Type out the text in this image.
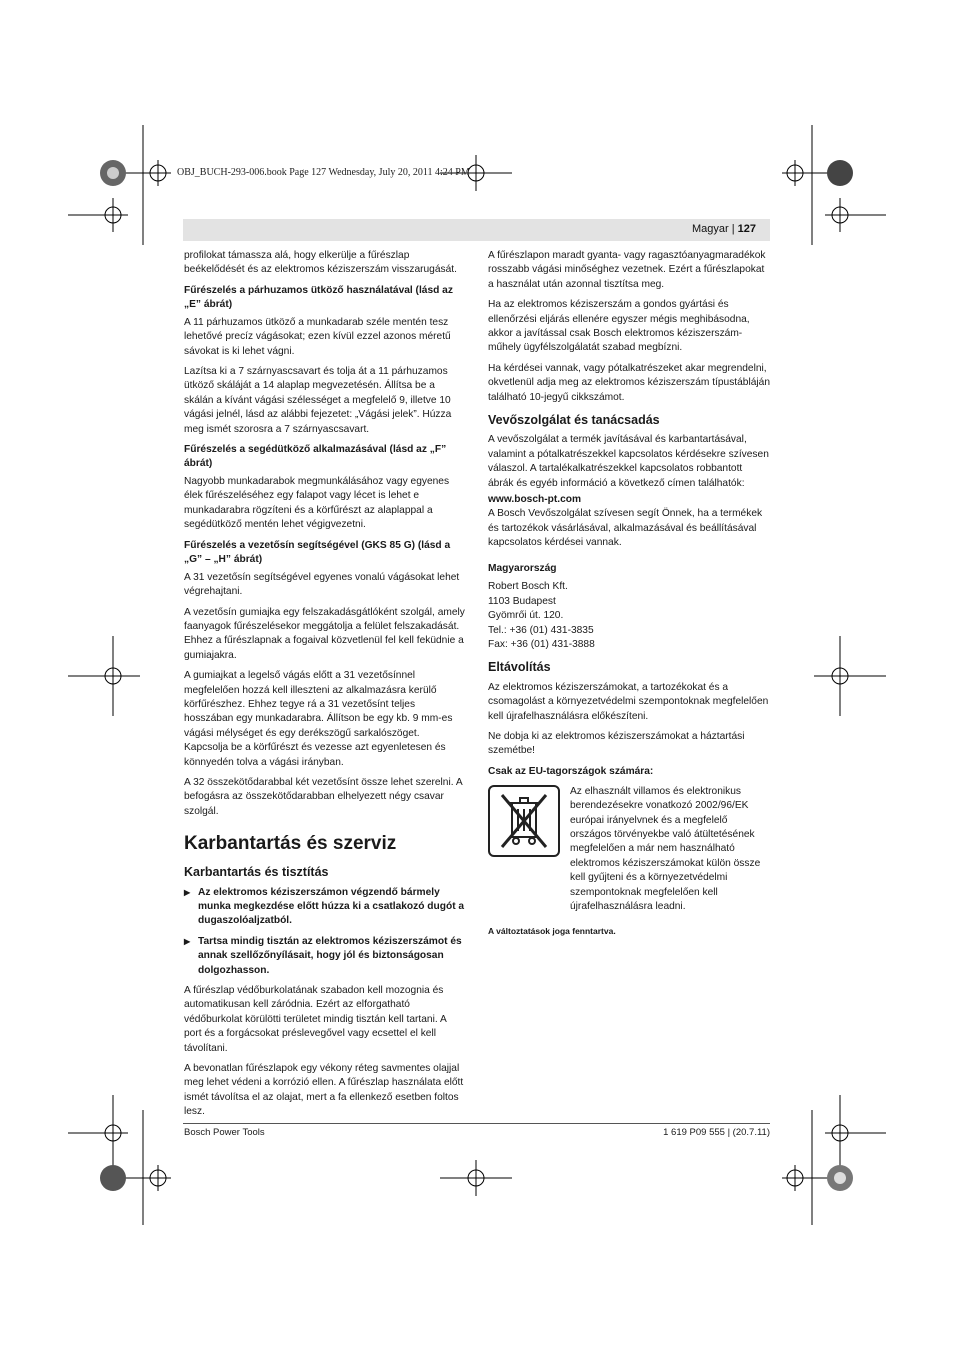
OBJ_BUCH-293-006.book Page 127 Wednesday, July 20, 2011 4:24 PM
Magyar | 127

profilokat támassza alá, hogy elkerülje a fűrészlap beékelődését és az elektromos kéziszerszám visszarugását.

Fűrészelés a párhuzamos ütköző használatával (lásd az „E” ábrát)

A 11 párhuzamos ütköző a munkadarab széle mentén tesz lehetővé precíz vágásokat; ezen kívül ezzel azonos méretű sávokat is ki lehet vágni.

Lazítsa ki a 7 szárnyascsavart és tolja át a 11 párhuzamos ütköző skáláját a 14 alaplap megvezetésén. Állítsa be a skálán a kívánt vágási szélességet a megfelelő 9, illetve 10 vágási jelnél, lásd az alábbi fejezetet: „Vágási jelek”. Húzza meg ismét szorosra a 7 szárnyascsavart.

Fűrészelés a segédütköző alkalmazásával (lásd az „F” ábrát)

Nagyobb munkadarabok megmunkálásához vagy egyenes élek fűrészeléséhez egy falapot vagy lécet is lehet e munkadarabra rögzíteni és a körfűrészt az alaplappal a segédütköző mentén lehet végigvezetni.

Fűrészelés a vezetősín segítségével (GKS 85 G) (lásd a „G” – „H” ábrát)

A 31 vezetősín segítségével egyenes vonalú vágásokat lehet végrehajtani.

A vezetősín gumiajka egy felszakadásgátlóként szolgál, amely faanyagok fűrészelésekor meggátolja a felület felszakadását. Ehhez a fűrészlapnak a fogaival közvetlenül fel kell feküdnie a gumiajakra.

A gumiajkat a legelső vágás előtt a 31 vezetősínnel megfelelően hozzá kell illeszteni az alkalmazásra kerülő körfűrészhez. Ehhez tegye rá a 31 vezetősínt teljes hosszában egy munkadarabra. Állítson be egy kb. 9 mm-es vágási mélységet és egy derékszögű sarkalószöget. Kapcsolja be a körfűrészt és vezesse azt egyenletesen és könnyedén tolva a vágási irányban.

A 32 összekötődarabbal két vezetősínt össze lehet szerelni. A befogásra az összekötődarabban elhelyezett négy csavar szolgál.

Karbantartás és szerviz
Karbantartás és tisztítás
▶ Az elektromos kéziszerszámon végzendő bármely munka megkezdése előtt húzza ki a csatlakozó dugót a dugaszolóaljzatból.
▶ Tartsa mindig tisztán az elektromos kéziszerszámot és annak szellőzőnyílásait, hogy jól és biztonságosan dolgozhasson.

A fűrészlap védőburkolatának szabadon kell mozognia és automatikusan kell záródnia. Ezért az elforgatható védőburkolat körülötti területet mindig tisztán kell tartani. A port és a forgácsokat préslevegővel vagy ecsettel el kell távolítani.

A bevonatlan fűrészlapok egy vékony réteg savmentes olajjal meg lehet védeni a korrózió ellen. A fűrészlap használata előtt ismét távolítsa el az olajat, mert a fa ellenkező esetben foltos lesz.

A fűrészlapon maradt gyanta- vagy ragasztóanyagmaradékok rosszabb vágási minőséghez vezetnek. Ezért a fűrészlapokat a használat után azonnal tisztítsa meg.

Ha az elektromos kéziszerszám a gondos gyártási és ellenőrzési eljárás ellenére egyszer mégis meghibásodna, akkor a javítással csak Bosch elektromos kéziszerszám-műhely ügyfélszolgálatát szabad megbízni.

Ha kérdései vannak, vagy pótalkatrészeket akar megrendelni, okvetlenül adja meg az elektromos kéziszerszám típustábláján található 10-jegyű cikkszámot.

Vevőszolgálat és tanácsadás

A vevőszolgálat a termék javításával és karbantartásával, valamint a pótalkatrészekkel kapcsolatos kérdésekre szívesen válaszol. A tartalékalkatrészekkel kapcsolatos robbantott ábrák és egyéb információ a következő címen találhatók:

www.bosch-pt.com

A Bosch Vevőszolgálat szívesen segít Önnek, ha a termékek és tartozékok vásárlásával, alkalmazásával és beállításával kapcsolatos kérdései vannak.

Magyarország
Robert Bosch Kft.
1103 Budapest
Gyömrői út. 120.
Tel.: +36 (01) 431-3835
Fax: +36 (01) 431-3888
Eltávolítás

Az elektromos kéziszerszámokat, a tartozékokat és a csomagolást a környezetvédelmi szempontoknak megfelelően kell újrafelhasználásra előkészíteni.

Ne dobja ki az elektromos kéziszerszámokat a háztartási szemétbe!

Csak az EU-tagországok számára:

Az elhasznált villamos és elektronikus berendezésekre vonatkozó 2002/96/EK európai irányelvnek és a megfelelő országos törvényekbe való átültetésének megfelelően a már nem használható elektromos kéziszerszámokat külön össze kell gyűjteni és a környezetvédelmi szempontoknak megfelelően kell újrafelhasználásra leadni.

A változtatások joga fenntartva.
Bosch Power Tools	1 619 P09 555 | (20.7.11)
